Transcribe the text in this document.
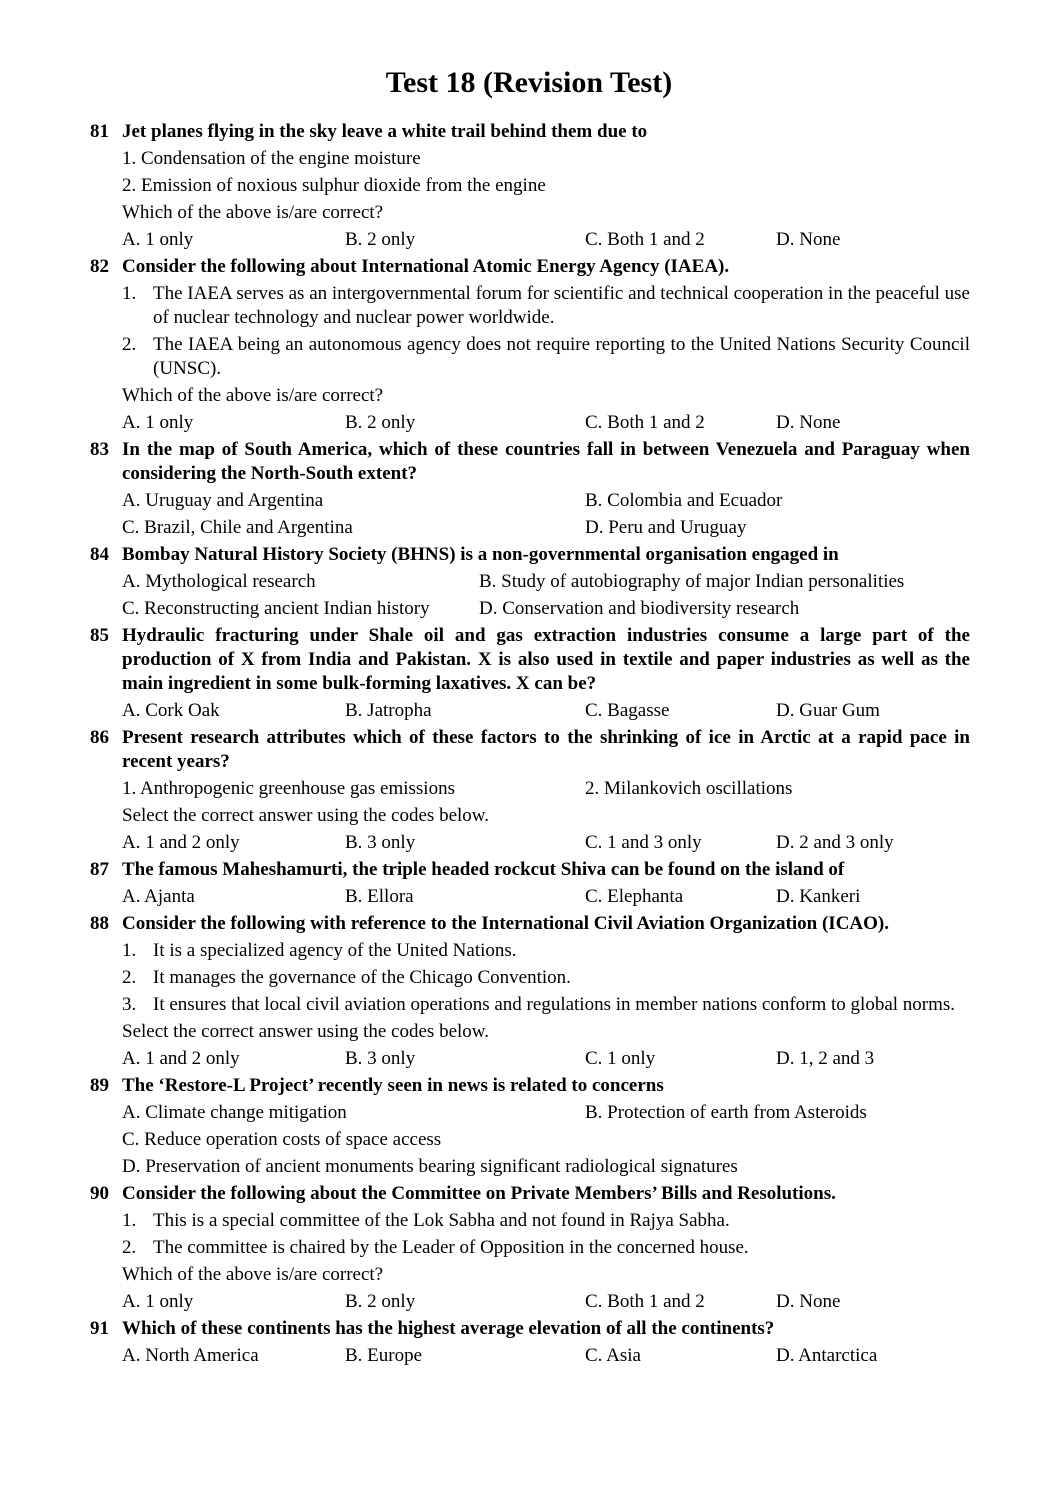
Test 18 (Revision Test)
81 Jet planes flying in the sky leave a white trail behind them due to
1. Condensation of the engine moisture
2. Emission of noxious sulphur dioxide from the engine
Which of the above is/are correct?
A. 1 only	B. 2 only	C. Both 1 and 2	D. None
82 Consider the following about International Atomic Energy Agency (IAEA).
1. The IAEA serves as an intergovernmental forum for scientific and technical cooperation in the peaceful use of nuclear technology and nuclear power worldwide.
2. The IAEA being an autonomous agency does not require reporting to the United Nations Security Council (UNSC).
Which of the above is/are correct?
A. 1 only	B. 2 only	C. Both 1 and 2	D. None
83 In the map of South America, which of these countries fall in between Venezuela and Paraguay when considering the North-South extent?
A. Uruguay and Argentina	B. Colombia and Ecuador
C. Brazil, Chile and Argentina	D. Peru and Uruguay
84 Bombay Natural History Society (BHNS) is a non-governmental organisation engaged in
A. Mythological research	B. Study of autobiography of major Indian personalities
C. Reconstructing ancient Indian history	D. Conservation and biodiversity research
85 Hydraulic fracturing under Shale oil and gas extraction industries consume a large part of the production of X from India and Pakistan. X is also used in textile and paper industries as well as the main ingredient in some bulk-forming laxatives. X can be?
A. Cork Oak	B. Jatropha	C. Bagasse	D. Guar Gum
86 Present research attributes which of these factors to the shrinking of ice in Arctic at a rapid pace in recent years?
1. Anthropogenic greenhouse gas emissions	2. Milankovich oscillations
Select the correct answer using the codes below.
A. 1 and 2 only	B. 3 only	C. 1 and 3 only	D. 2 and 3 only
87 The famous Maheshamurti, the triple headed rockcut Shiva can be found on the island of
A. Ajanta	B. Ellora	C. Elephanta	D. Kankeri
88 Consider the following with reference to the International Civil Aviation Organization (ICAO).
1. It is a specialized agency of the United Nations.
2. It manages the governance of the Chicago Convention.
3. It ensures that local civil aviation operations and regulations in member nations conform to global norms.
Select the correct answer using the codes below.
A. 1 and 2 only	B. 3 only	C. 1 only	D. 1, 2 and 3
89 The ‘Restore-L Project’ recently seen in news is related to concerns
A. Climate change mitigation	B. Protection of earth from Asteroids
C. Reduce operation costs of space access
D. Preservation of ancient monuments bearing significant radiological signatures
90 Consider the following about the Committee on Private Members’ Bills and Resolutions.
1. This is a special committee of the Lok Sabha and not found in Rajya Sabha.
2. The committee is chaired by the Leader of Opposition in the concerned house.
Which of the above is/are correct?
A. 1 only	B. 2 only	C. Both 1 and 2	D. None
91 Which of these continents has the highest average elevation of all the continents?
A. North America	B. Europe	C. Asia	D. Antarctica
